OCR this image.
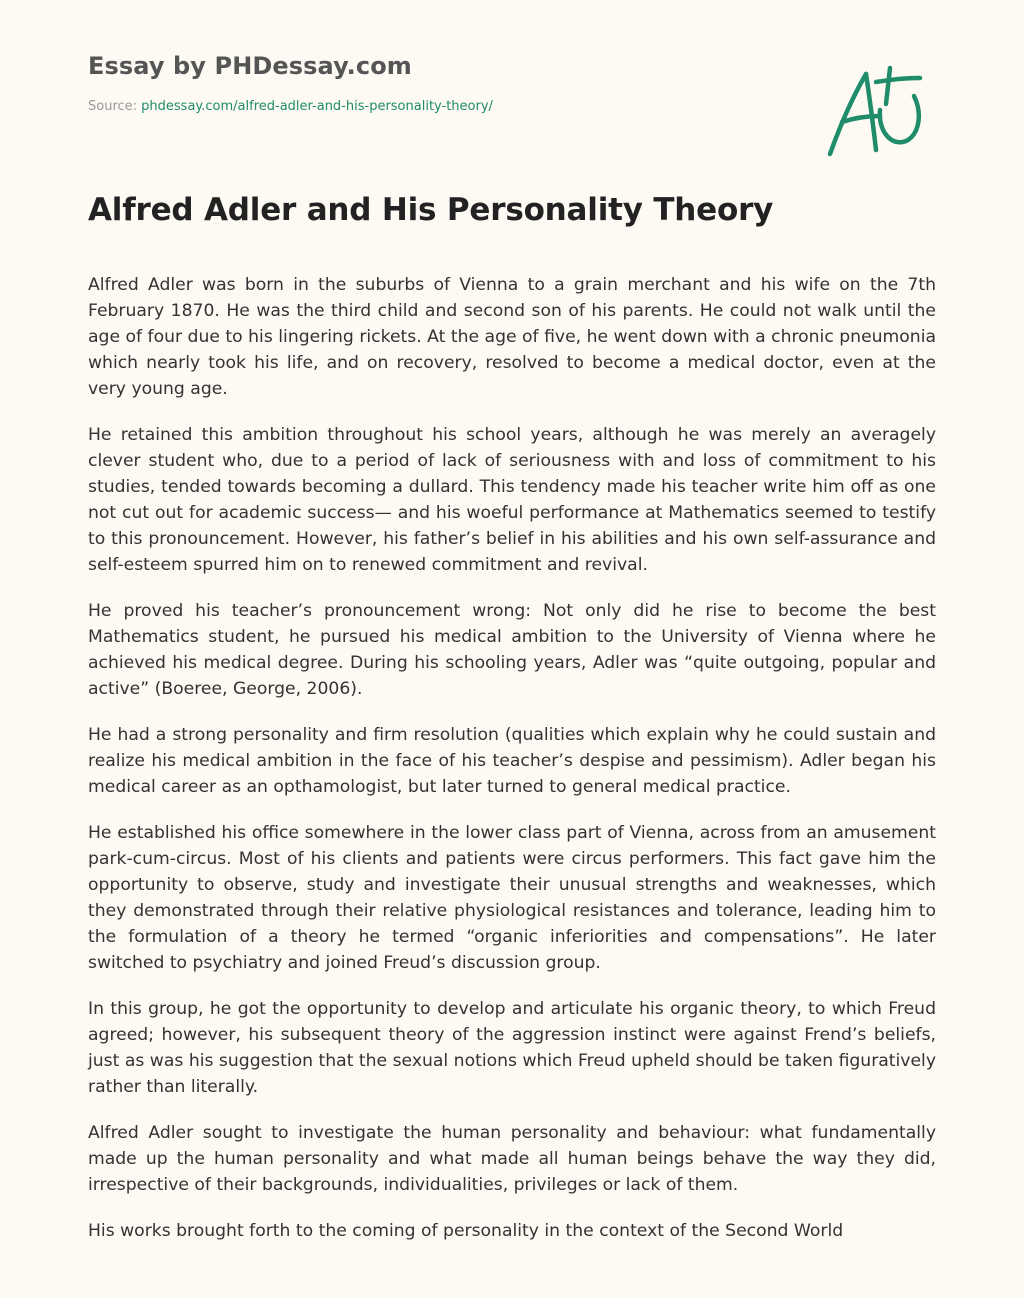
Essay by PHDessay.com
Source: phdessay.com/alfred-adler-and-his-personality-theory/
Alfred Adler and His Personality Theory

Alfred Adler was born in the suburbs of Vienna to a grain merchant and his wife on the 7th February 1870. He was the third child and second son of his parents. He could not walk until the age of four due to his lingering rickets. At the age of five, he went down with a chronic pneumonia which nearly took his life, and on recovery, resolved to become a medical doctor, even at the very young age.

He retained this ambition throughout his school years, although he was merely an averagely clever student who, due to a period of lack of seriousness with and loss of commitment to his studies, tended towards becoming a dullard. This tendency made his teacher write him off as one not cut out for academic success— and his woeful performance at Mathematics seemed to testify to this pronouncement. However, his father’s belief in his abilities and his own self-assurance and self-esteem spurred him on to renewed commitment and revival.

He proved his teacher’s pronouncement wrong: Not only did he rise to become the best Mathematics student, he pursued his medical ambition to the University of Vienna where he achieved his medical degree. During his schooling years, Adler was “quite outgoing, popular and active” (Boeree, George, 2006).

He had a strong personality and firm resolution (qualities which explain why he could sustain and realize his medical ambition in the face of his teacher’s despise and pessimism). Adler began his medical career as an opthamologist, but later turned to general medical practice.

He established his office somewhere in the lower class part of Vienna, across from an amusement park-cum-circus. Most of his clients and patients were circus performers. This fact gave him the opportunity to observe, study and investigate their unusual strengths and weaknesses, which they demonstrated through their relative physiological resistances and tolerance, leading him to the formulation of a theory he termed “organic inferiorities and compensations”. He later switched to psychiatry and joined Freud’s discussion group.

In this group, he got the opportunity to develop and articulate his organic theory, to which Freud agreed; however, his subsequent theory of the aggression instinct were against Frend’s beliefs, just as was his suggestion that the sexual notions which Freud upheld should be taken figuratively rather than literally.

Alfred Adler sought to investigate the human personality and behaviour: what fundamentally made up the human personality and what made all human beings behave the way they did, irrespective of their backgrounds, individualities, privileges or lack of them.

His works brought forth to the coming of personality in the context of the Second World
